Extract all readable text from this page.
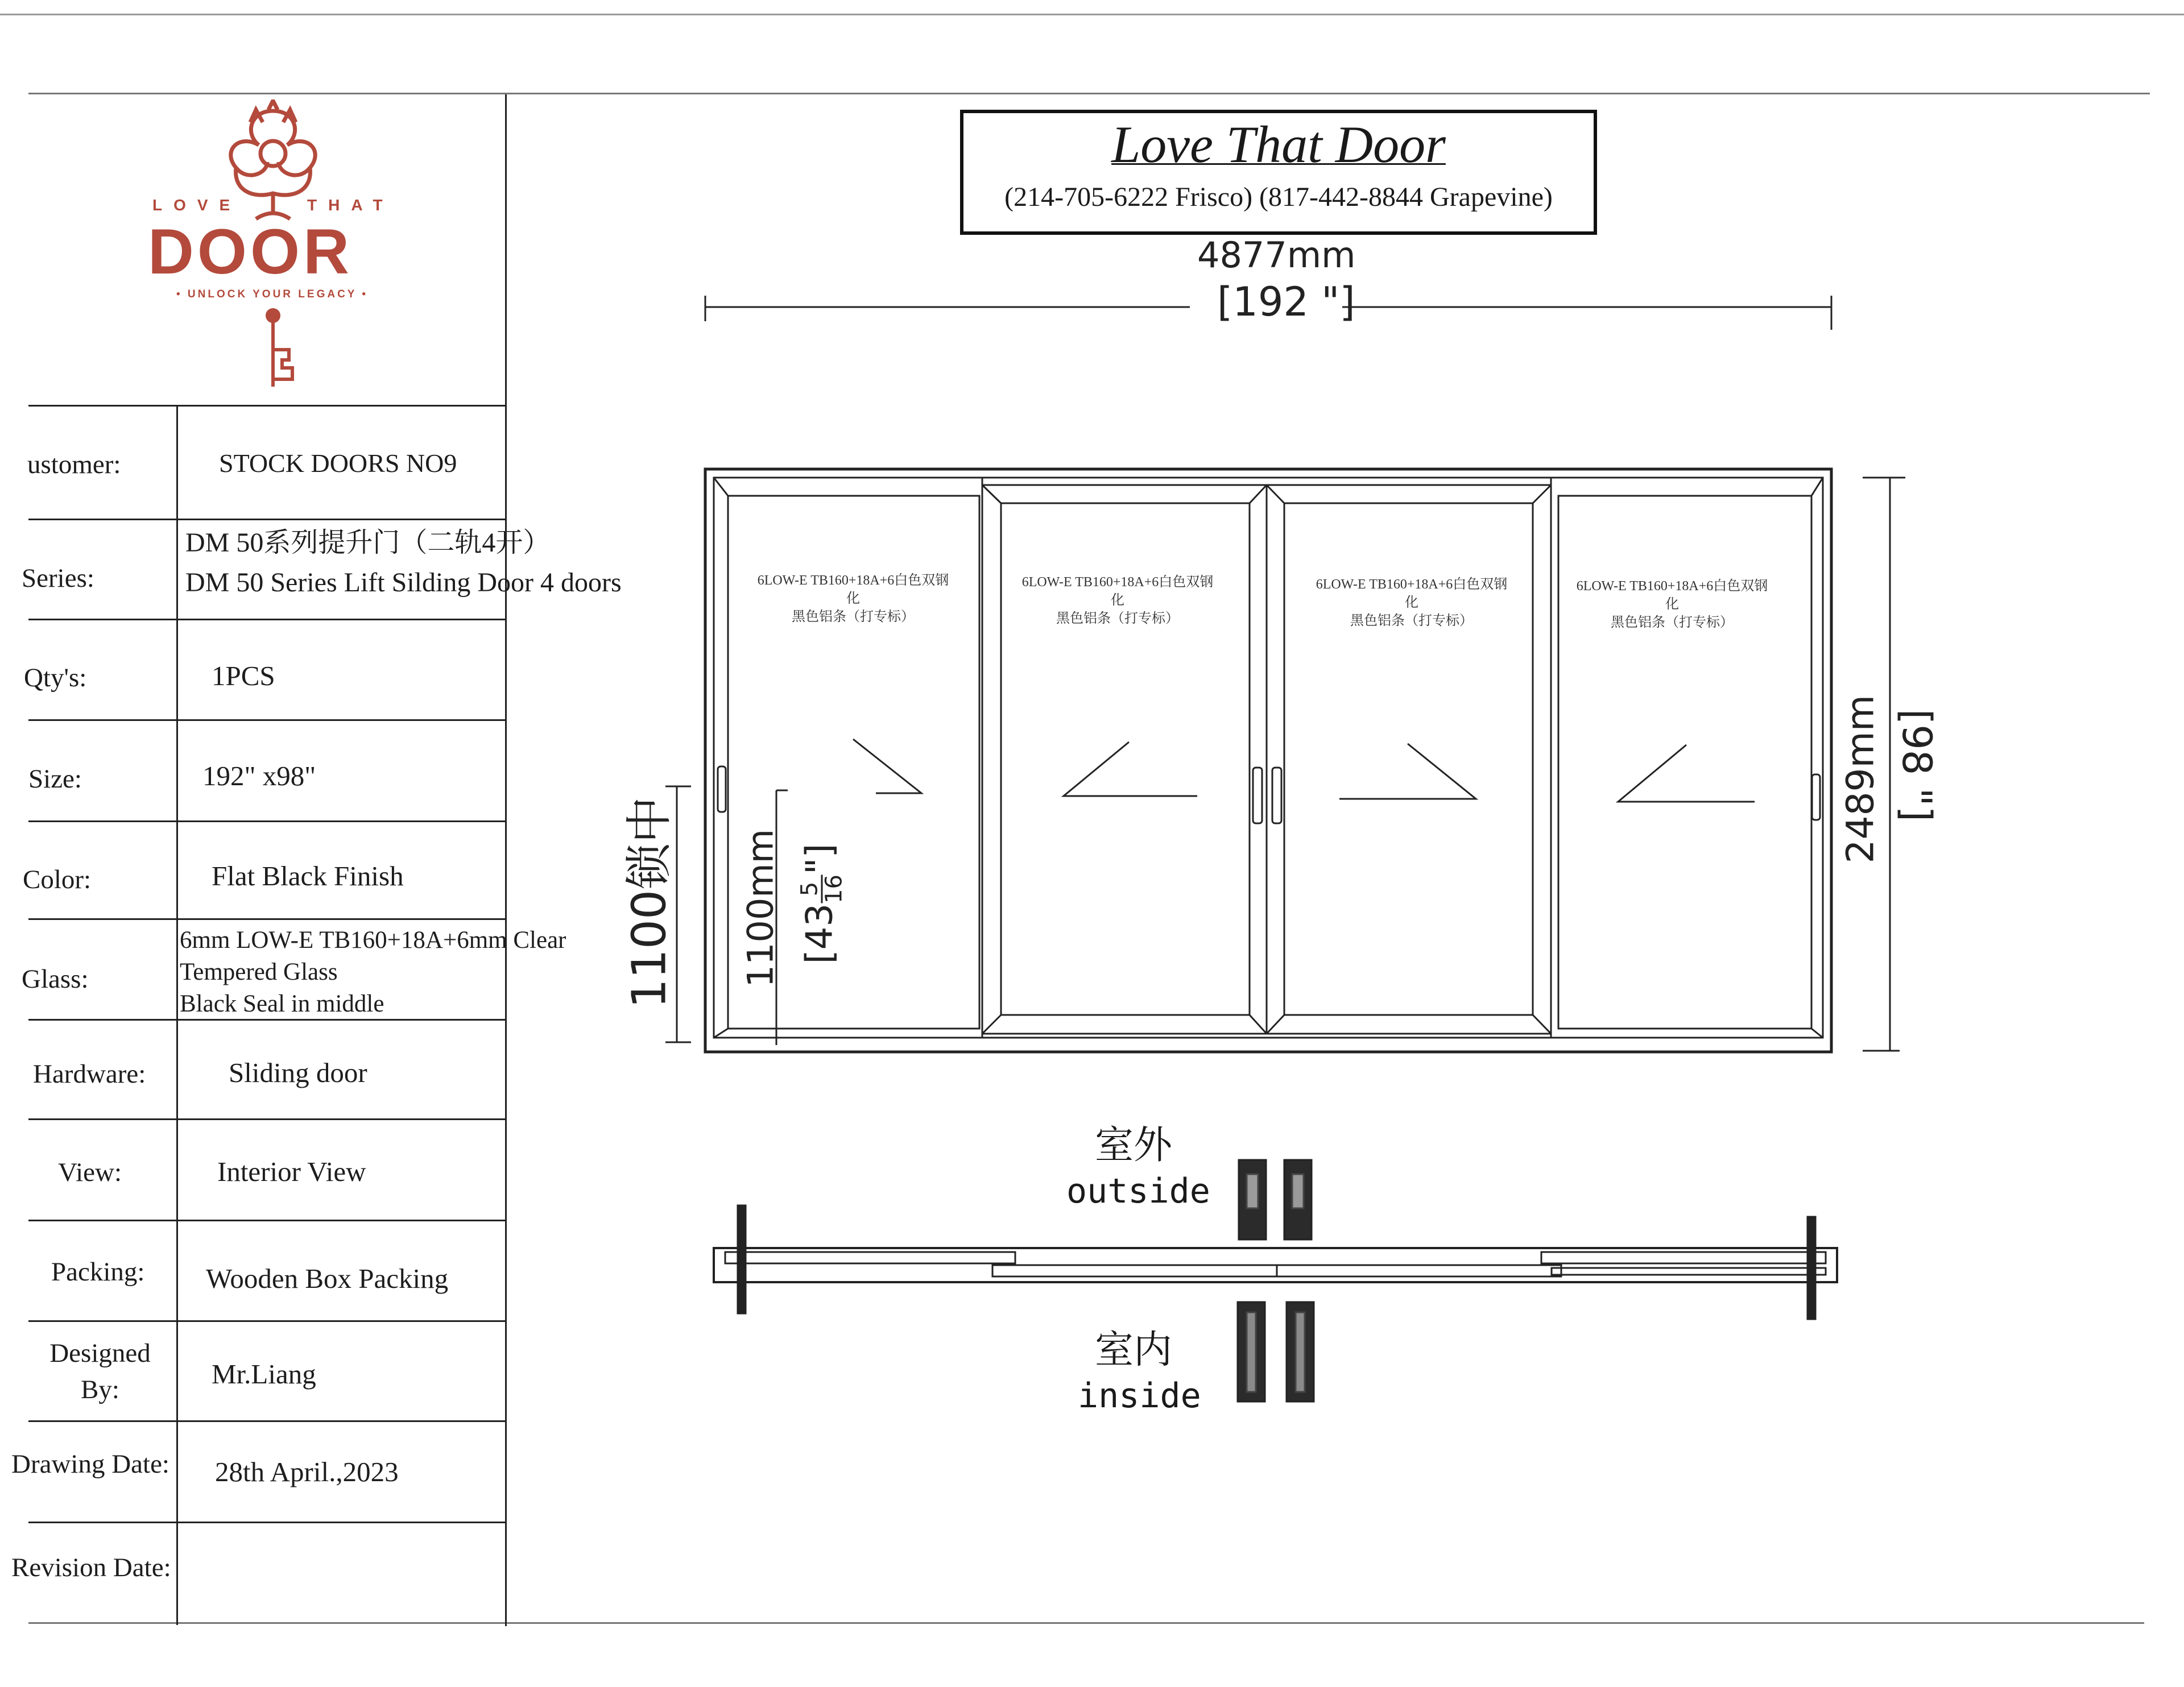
LOVE	THAT
DOOR
• UNLOCK YOUR LEGACY •
ustomer:
Series:
Qty's:
Size:
Color:
Glass:
Hardware:
View:
Packing:
Designed
By:
Drawing Date:
Revision Date:
STOCK DOORS NO9
DM 50系列提升门（二轨4开）
DM 50 Series Lift Silding Door 4 doors
1PCS
192" x98"
Flat Black Finish
6mm LOW-E TB160+18A+6mm Clear
Tempered Glass
Black Seal in middle
Sliding door
Interior View
Wooden Box Packing
Mr.Liang
28th April.,2023
Love That Door
(214-705-6222 Frisco) (817-442-8844 Grapevine)
4877mm
[192 "]
6LOW-E TB160+18A+6白色双钢化
黑色铝条（打专标）
6LOW-E TB160+18A+6白色双钢化
黑色铝条（打专标）
6LOW-E TB160+18A+6白色双钢化
黑色铝条（打专标）
6LOW-E TB160+18A+6白色双钢化
黑色铝条（打专标）
2489mm [98 "]
1100锁中 1100mm [43
5
16
"]
室外
outside
室内
inside
